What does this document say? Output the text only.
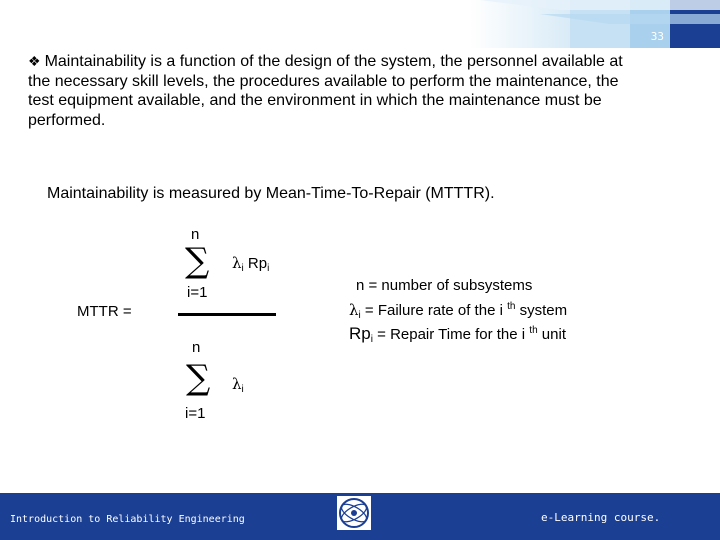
33
❖ Maintainability is a function of the design of the system, the personnel available at the necessary skill levels, the procedures available to perform the maintenance, the test equipment available, and the environment in which the maintenance must be performed.
Maintainability is measured by Mean-Time-To-Repair (MTTTR).
n
∑
i=1
$\lambda_i$ $Rp_i$
MTTR =
n
∑
i=1
$\lambda_i$
n = number of subsystems
$\lambda_i$ = Failure rate of the i $^{th}$ system
$Rp_i$ = Repair Time for the i $^{th}$ unit
Introduction to Reliability Engineering	e-Learning course.
